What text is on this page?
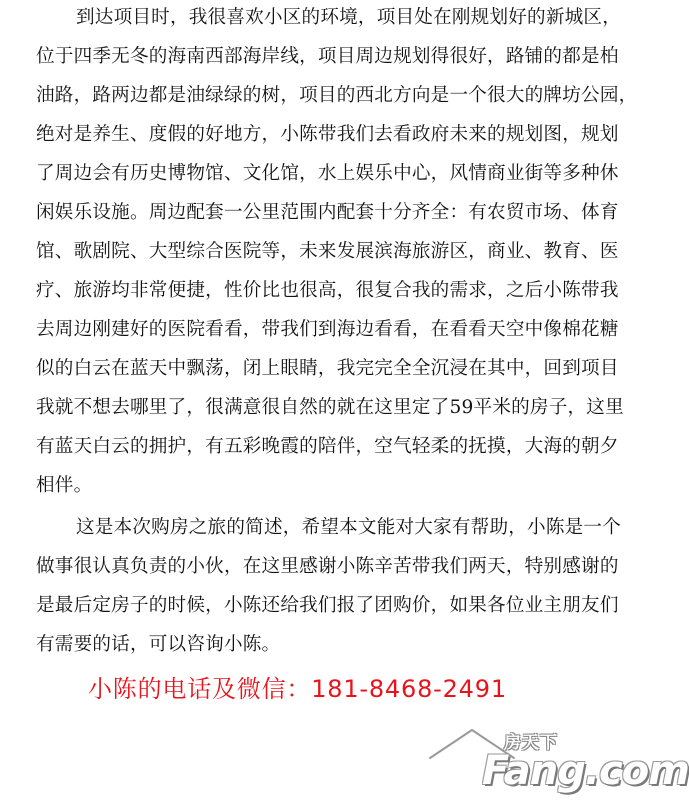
到达项目时，我很喜欢小区的环境，项目处在刚规划好的新城区，
位于四季无冬的海南西部海岸线，项目周边规划得很好，路铺的都是柏
油路，路两边都是油绿绿的树，项目的西北方向是一个很大的牌坊公园，
绝对是养生、度假的好地方，小陈带我们去看政府未来的规划图，规划
了周边会有历史博物馆、文化馆，水上娱乐中心，风情商业街等多种休
闲娱乐设施。周边配套一公里范围内配套十分齐全：有农贸市场、体育
馆、歌剧院、大型综合医院等，未来发展滨海旅游区，商业、教育、医
疗、旅游均非常便捷，性价比也很高，很复合我的需求，之后小陈带我
去周边刚建好的医院看看，带我们到海边看看，在看看天空中像棉花糖
似的白云在蓝天中飘荡，闭上眼睛，我完完全全沉浸在其中，回到项目
我就不想去哪里了，很满意很自然的就在这里定了59平米的房子，这里
有蓝天白云的拥护，有五彩晚霞的陪伴，空气轻柔的抚摸，大海的朝夕
相伴。
这是本次购房之旅的简述，希望本文能对大家有帮助，小陈是一个
做事很认真负责的小伙，在这里感谢小陈辛苦带我们两天，特别感谢的
是最后定房子的时候，小陈还给我们报了团购价，如果各位业主朋友们
有需要的话，可以咨询小陈。
小陈的电话及微信：181-8468-2491
房天下
Fang.com
